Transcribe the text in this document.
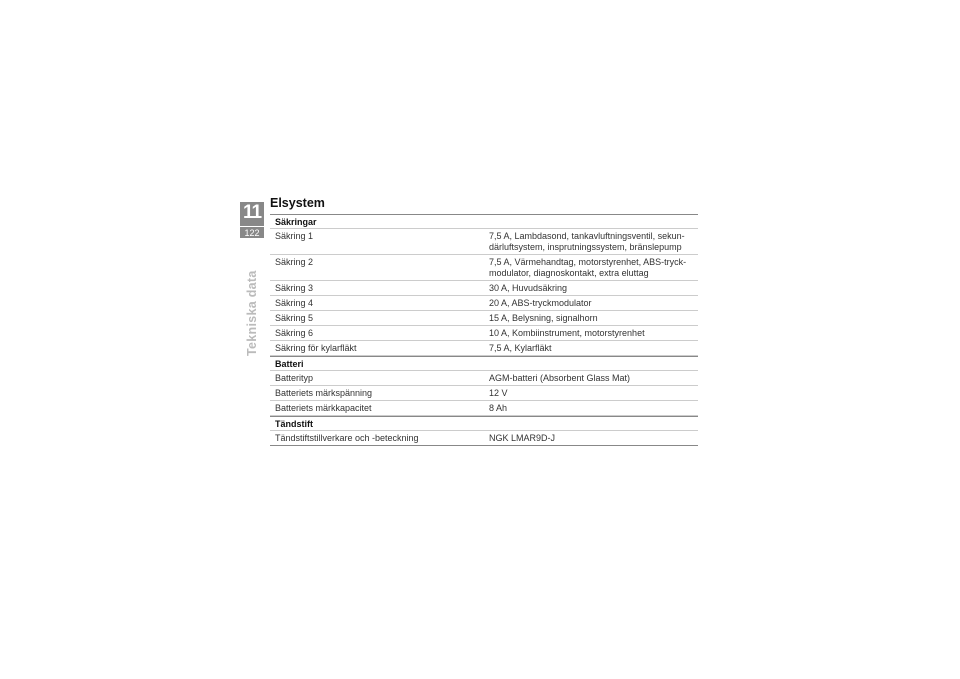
11
122
Tekniska data
Elsystem
Säkringar
Säkring 1	7,5 A, Lambdasond, tankavluftningsventil, sekun-
därluftsystem, insprutningssystem, bränslepump
Säkring 2	7,5 A, Värmehandtag, motorstyrenhet, ABS-tryck-
modulator, diagnoskontakt, extra eluttag
Säkring 3	30 A, Huvudsäkring
Säkring 4	20 A, ABS-tryckmodulator
Säkring 5	15 A, Belysning, signalhorn
Säkring 6	10 A, Kombiinstrument, motorstyrenhet
Säkring för kylarfläkt	7,5 A, Kylarfläkt
Batteri
Batterityp	AGM-batteri (Absorbent Glass Mat)
Batteriets märkspänning	12 V
Batteriets märkkapacitet	8 Ah
Tändstift
Tändstiftstillverkare och -beteckning	NGK LMAR9D-J
